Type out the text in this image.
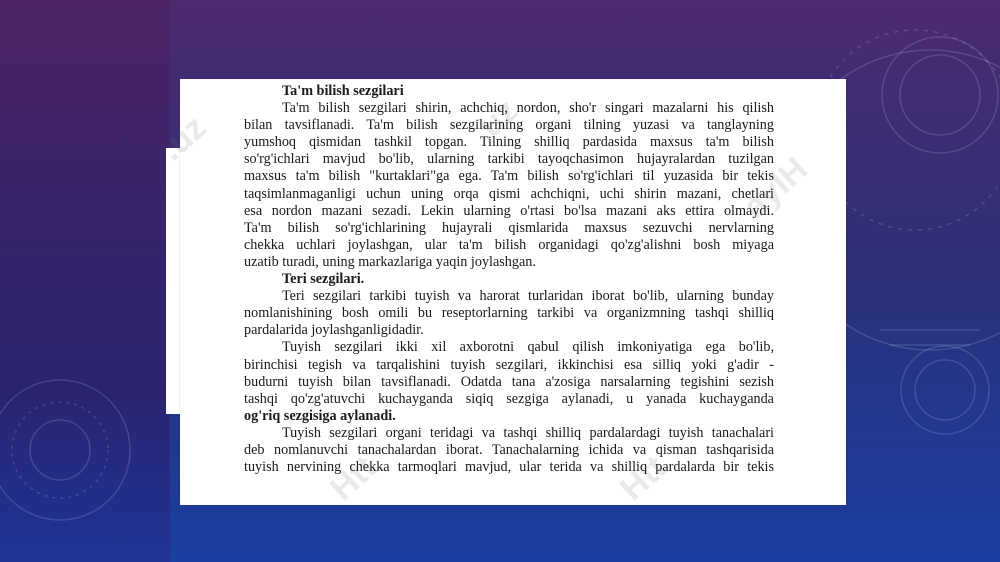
.uz	uz
ayIH
Htt	Htt
Ta'm bilish sezgilari
Ta'm bilish sezgilari shirin, achchiq, nordon, sho'r singari mazalarni his qilish
bilan tavsiflanadi. Ta'm bilish sezgilarining organi tilning yuzasi va tanglayning
yumshoq qismidan tashkil topgan. Tilning shilliq pardasida maxsus ta'm bilish
so'rg'ichlari mavjud bo'lib, ularning tarkibi tayoqchasimon hujayralardan tuzilgan
maxsus ta'm bilish "kurtaklari"ga ega. Ta'm bilish so'rg'ichlari til yuzasida bir tekis
taqsimlanmaganligi uchun uning orqa qismi achchiqni, uchi shirin mazani, chetlari
esa nordon mazani sezadi. Lekin ularning o'rtasi bo'lsa mazani aks ettira olmaydi.
Ta'm bilish so'rg'ichlarining hujayrali qismlarida maxsus sezuvchi nervlarning
chekka uchlari joylashgan, ular ta'm bilish organidagi qo'zg'alishni bosh miyaga
uzatib turadi, uning markazlariga yaqin joylashgan.
Teri sezgilari.
Teri sezgilari tarkibi tuyish va harorat turlaridan iborat bo'lib, ularning bunday
nomlanishining bosh omili bu reseptorlarning tarkibi va organizmning tashqi shilliq
pardalarida joylashganligidadir.
Tuyish sezgilari ikki xil axborotni qabul qilish imkoniyatiga ega bo'lib,
birinchisi tegish va tarqalishini tuyish sezgilari, ikkinchisi esa silliq yoki g'adir -
budurni tuyish bilan tavsiflanadi. Odatda tana a'zosiga narsalarning tegishini sezish
tashqi qo'zg'atuvchi kuchayganda siqiq sezgiga aylanadi, u yanada kuchayganda
og'riq sezgisiga aylanadi.
Tuyish sezgilari organi teridagi va tashqi shilliq pardalardagi tuyish tanachalari
deb nomlanuvchi tanachalardan iborat. Tanachalarning ichida va qisman tashqarisida
tuyish nervining chekka tarmoqlari mavjud, ular terida va shilliq pardalarda bir tekis
